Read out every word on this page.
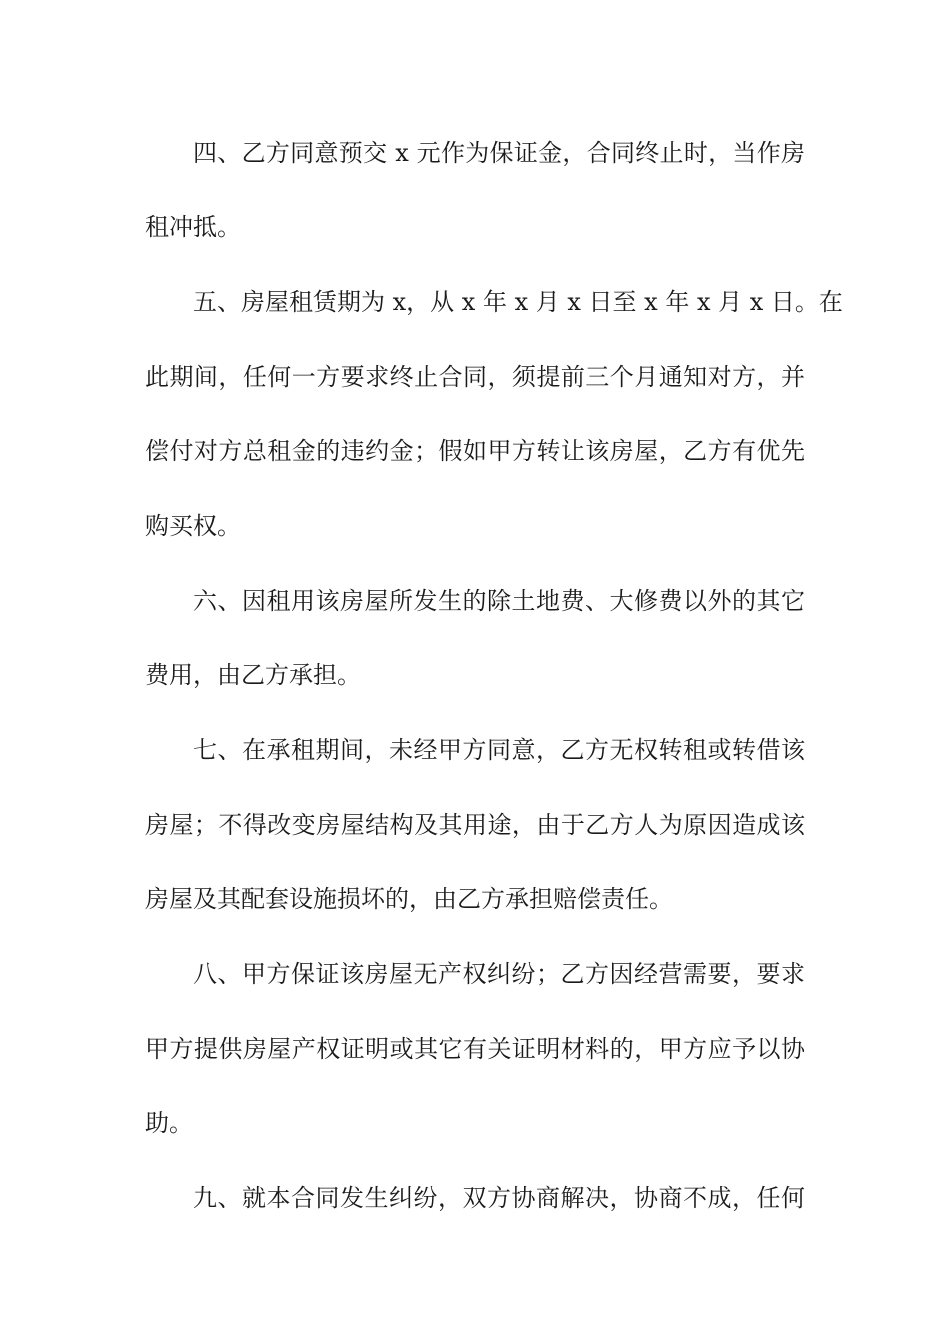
四、乙方同意预交 x 元作为保证金，合同终止时，当作房
租冲抵。
五、房屋租赁期为 x，从 x 年 x 月 x 日至 x 年 x 月 x 日。在
此期间，任何一方要求终止合同，须提前三个月通知对方，并
偿付对方总租金的违约金；假如甲方转让该房屋，乙方有优先
购买权。
六、因租用该房屋所发生的除土地费、大修费以外的其它
费用，由乙方承担。
七、在承租期间，未经甲方同意，乙方无权转租或转借该
房屋；不得改变房屋结构及其用途，由于乙方人为原因造成该
房屋及其配套设施损坏的，由乙方承担赔偿责任。
八、甲方保证该房屋无产权纠纷；乙方因经营需要，要求
甲方提供房屋产权证明或其它有关证明材料的，甲方应予以协
助。
九、就本合同发生纠纷，双方协商解决，协商不成，任何
